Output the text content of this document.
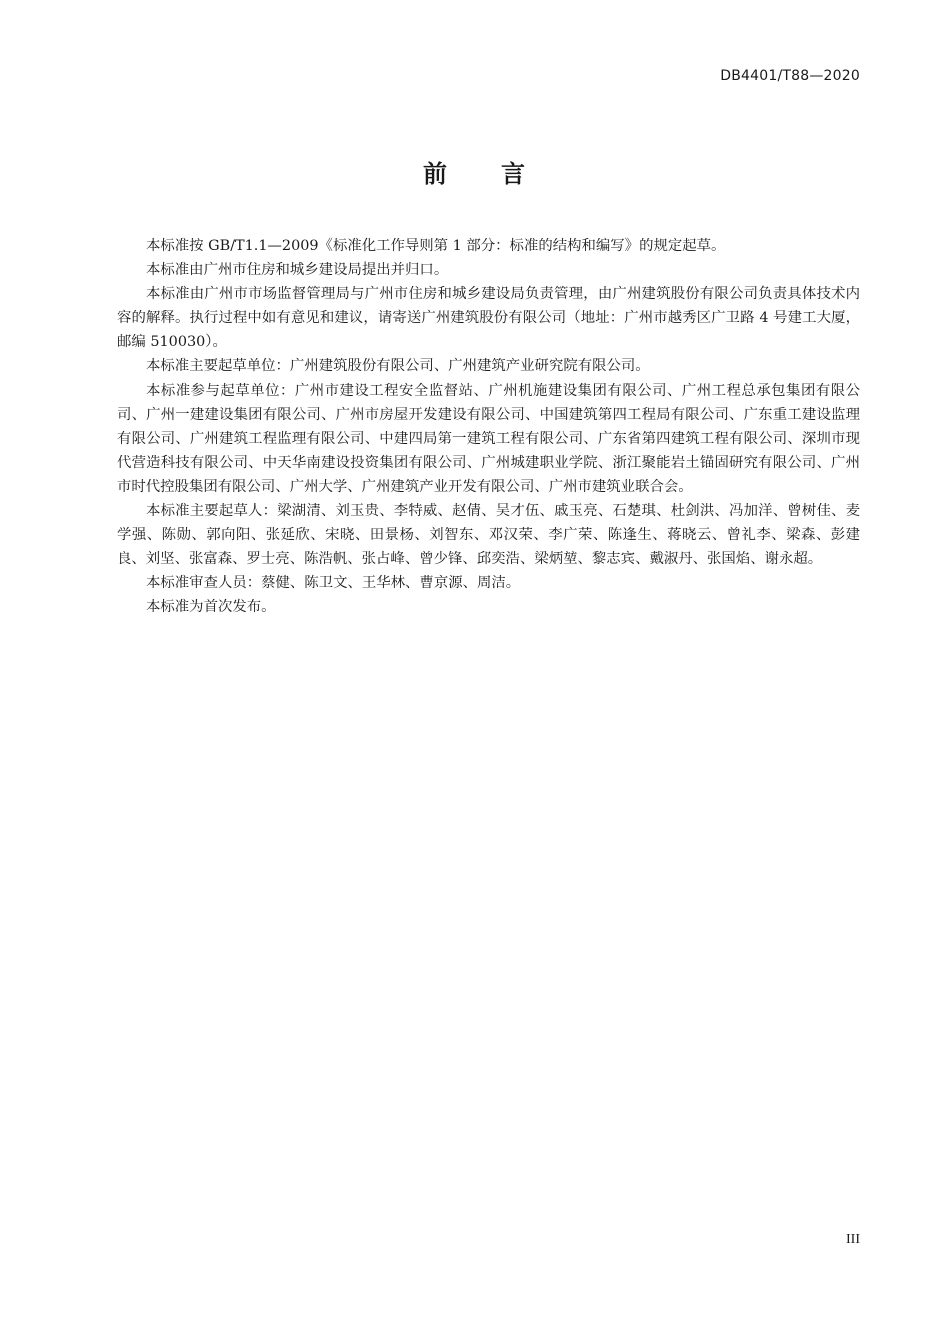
DB4401/T88—2020
前 言

本标准按 GB/T1.1—2009《标准化工作导则第 1 部分：标准的结构和编写》的规定起草。

本标准由广州市住房和城乡建设局提出并归口。

本标准由广州市市场监督管理局与广州市住房和城乡建设局负责管理，由广州建筑股份有限公司负责具体技术内容的解释。执行过程中如有意见和建议，请寄送广州建筑股份有限公司（地址：广州市越秀区广卫路 4 号建工大厦，邮编 510030）。

本标准主要起草单位：广州建筑股份有限公司、广州建筑产业研究院有限公司。

本标准参与起草单位：广州市建设工程安全监督站、广州机施建设集团有限公司、广州工程总承包集团有限公司、广州一建建设集团有限公司、广州市房屋开发建设有限公司、中国建筑第四工程局有限公司、广东重工建设监理有限公司、广州建筑工程监理有限公司、中建四局第一建筑工程有限公司、广东省第四建筑工程有限公司、深圳市现代营造科技有限公司、中天华南建设投资集团有限公司、广州城建职业学院、浙江聚能岩土锚固研究有限公司、广州市时代控股集团有限公司、广州大学、广州建筑产业开发有限公司、广州市建筑业联合会。

本标准主要起草人：梁湖清、刘玉贵、李特威、赵倩、吴才伍、戚玉亮、石楚琪、杜剑洪、冯加洋、曾树佳、麦学强、陈勋、郭向阳、张延欣、宋晓、田景杨、刘智东、邓汉荣、李广荣、陈逢生、蒋晓云、曾礼李、梁森、彭建良、刘坚、张富森、罗士亮、陈浩帆、张占峰、曾少锋、邱奕浩、梁炳堃、黎志宾、戴淑丹、张国焰、谢永超。

本标准审查人员：蔡健、陈卫文、王华林、曹京源、周洁。

本标准为首次发布。

III
